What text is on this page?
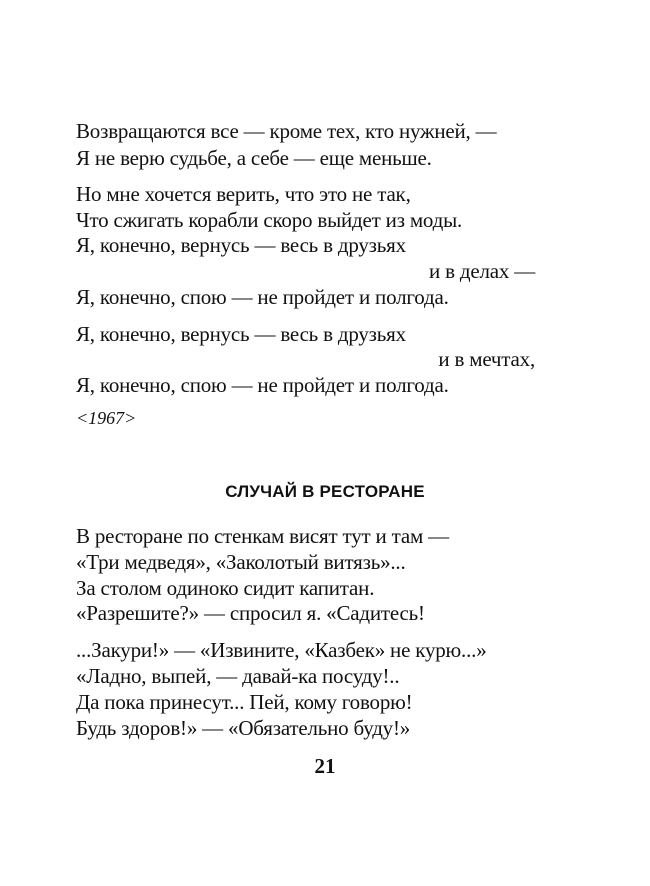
Возвращаются все — кроме тех, кто нужней, —
Я не верю судьбе, а себе — еще меньше.
Но мне хочется верить, что это не так,
Что сжигать корабли скоро выйдет из моды.
Я, конечно, вернусь — весь в друзьях
и в делах —
Я, конечно, спою — не пройдет и полгода.
Я, конечно, вернусь — весь в друзьях
и в мечтах,
Я, конечно, спою — не пройдет и полгода.
<1967>
СЛУЧАЙ В РЕСТОРАНЕ
В ресторане по стенкам висят тут и там —
«Три медведя», «Заколотый витязь»...
За столом одиноко сидит капитан.
«Разрешите?» — спросил я. «Садитесь!
...Закури!» — «Извините, «Казбек» не курю...»
«Ладно, выпей, — давай-ка посуду!..
Да пока принесут... Пей, кому говорю!
Будь здоров!» — «Обязательно буду!»
21
